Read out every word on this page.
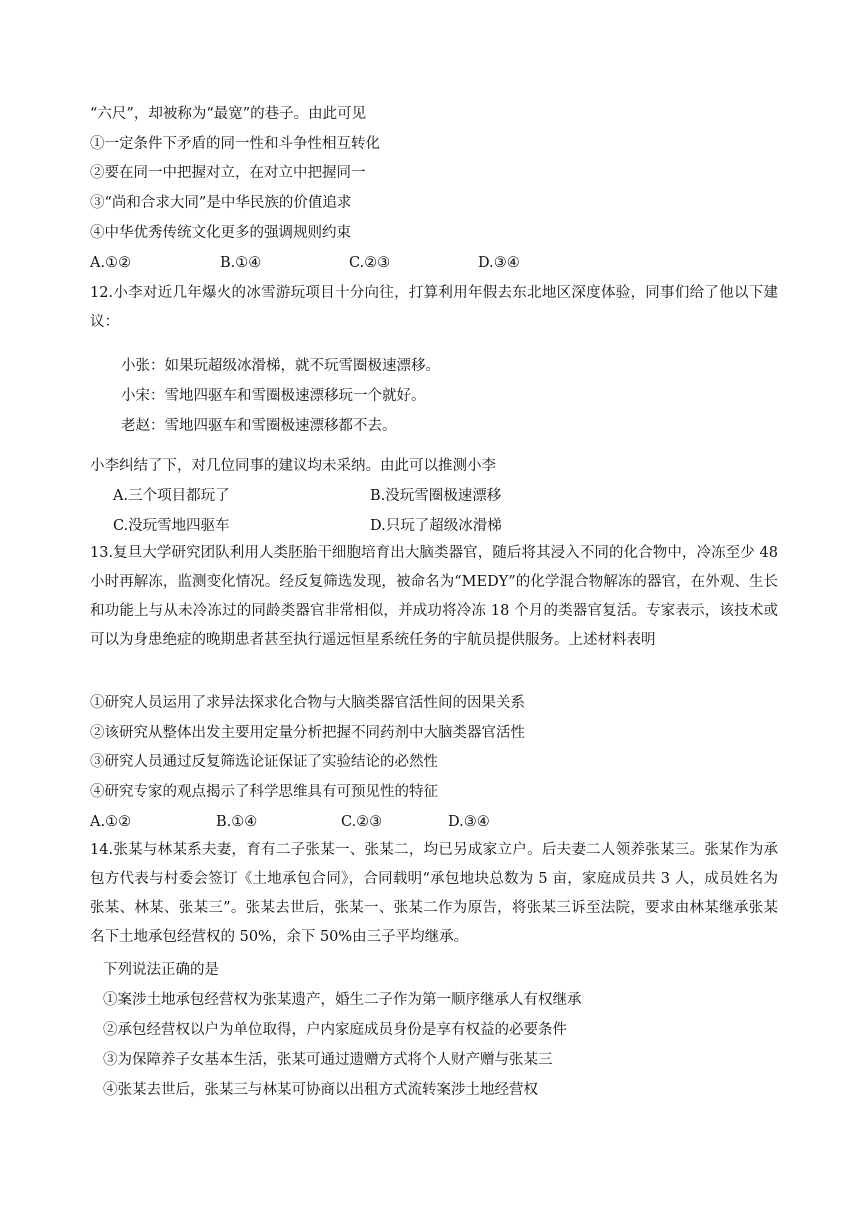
“六尺”，却被称为“最宽”的巷子。由此可见
①一定条件下矛盾的同一性和斗争性相互转化
②要在同一中把握对立，在对立中把握同一
③“尚和合求大同”是中华民族的价值追求
④中华优秀传统文化更多的强调规则约束
A.①②	B.①④	C.②③	D.③④
12.小李对近几年爆火的冰雪游玩项目十分向往，打算利用年假去东北地区深度体验，同事们给了他以下建议：
小张：如果玩超级冰滑梯，就不玩雪圈极速漂移。
小宋：雪地四驱车和雪圈极速漂移玩一个就好。
老赵：雪地四驱车和雪圈极速漂移都不去。
小李纠结了下，对几位同事的建议均未采纳。由此可以推测小李
A.三个项目都玩了	B.没玩雪圈极速漂移
C.没玩雪地四驱车	D.只玩了超级冰滑梯
13.复旦大学研究团队利用人类胚胎干细胞培育出大脑类器官，随后将其浸入不同的化合物中，冷冻至少 48 小时再解冻，监测变化情况。经反复筛选发现，被命名为“MEDY”的化学混合物解冻的器官，在外观、生长和功能上与从未冷冻过的同龄类器官非常相似，并成功将冷冻 18 个月的类器官复活。专家表示，该技术或可以为身患绝症的晚期患者甚至执行遥远恒星系统任务的宇航员提供服务。上述材料表明
①研究人员运用了求异法探求化合物与大脑类器官活性间的因果关系
②该研究从整体出发主要用定量分析把握不同药剂中大脑类器官活性
③研究人员通过反复筛选论证保证了实验结论的必然性
④研究专家的观点揭示了科学思维具有可预见性的特征
A.①②	B.①④	C.②③	D.③④
14.张某与林某系夫妻，育有二子张某一、张某二，均已另成家立户。后夫妻二人领养张某三。张某作为承包方代表与村委会签订《土地承包合同》，合同载明“承包地块总数为 5 亩，家庭成员共 3 人，成员姓名为张某、林某、张某三”。张某去世后，张某一、张某二作为原告，将张某三诉至法院，要求由林某继承张某名下土地承包经营权的 50%，余下 50%由三子平均继承。
下列说法正确的是
①案涉土地承包经营权为张某遗产，婚生二子作为第一顺序继承人有权继承
②承包经营权以户为单位取得，户内家庭成员身份是享有权益的必要条件
③为保障养子女基本生活，张某可通过遗赠方式将个人财产赠与张某三
④张某去世后，张某三与林某可协商以出租方式流转案涉土地经营权
